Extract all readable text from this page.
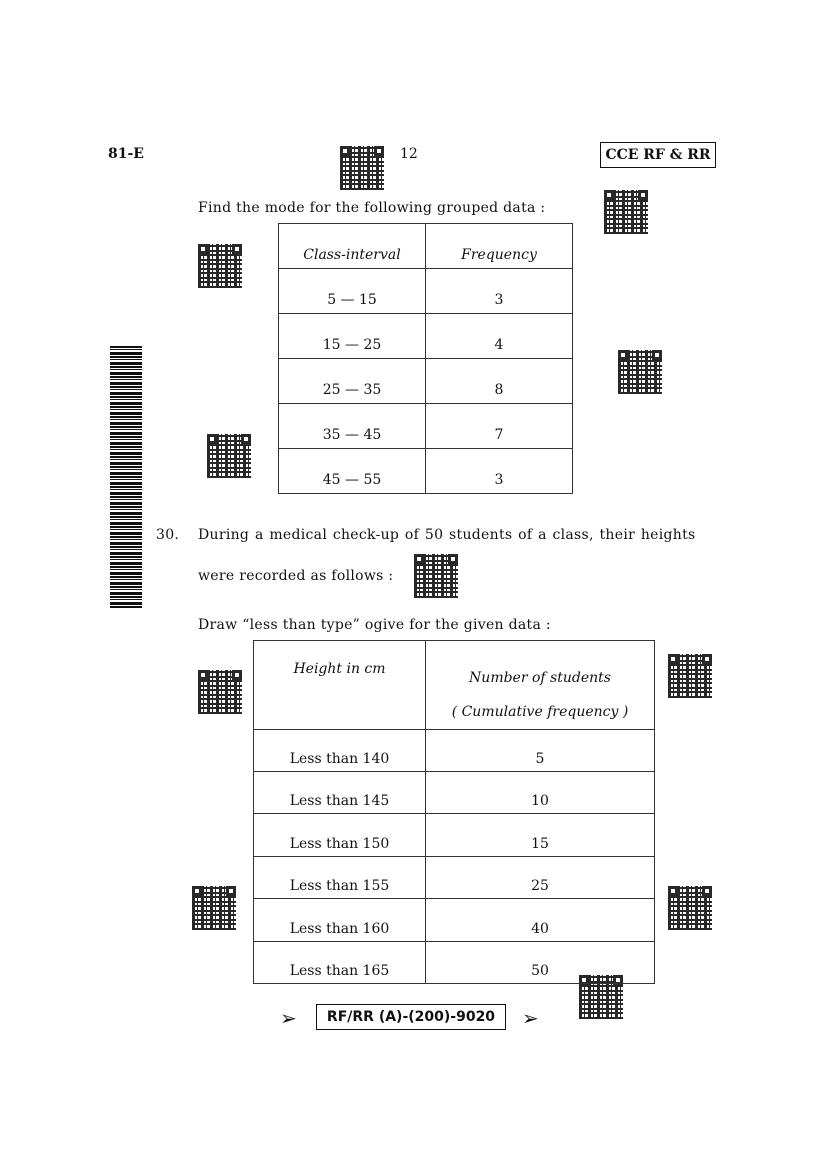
81-E	12	CCE RF & RR
Find the mode for the following grouped data :
Class-interval	Frequency
5 — 15	3
15 — 25	4
25 — 35	8
35 — 45	7
45 — 55	3
30. During a medical check-up of 50 students of a class, their heights
were recorded as follows :
Draw “less than type” ogive for the given data :
Height in cm	Number of students
( Cumulative frequency )

Less than 140	5
Less than 145	10
Less than 150	15
Less than 155	25
Less than 160	40
Less than 165	50
➢	RF/RR (A)-(200)-9020	➢
